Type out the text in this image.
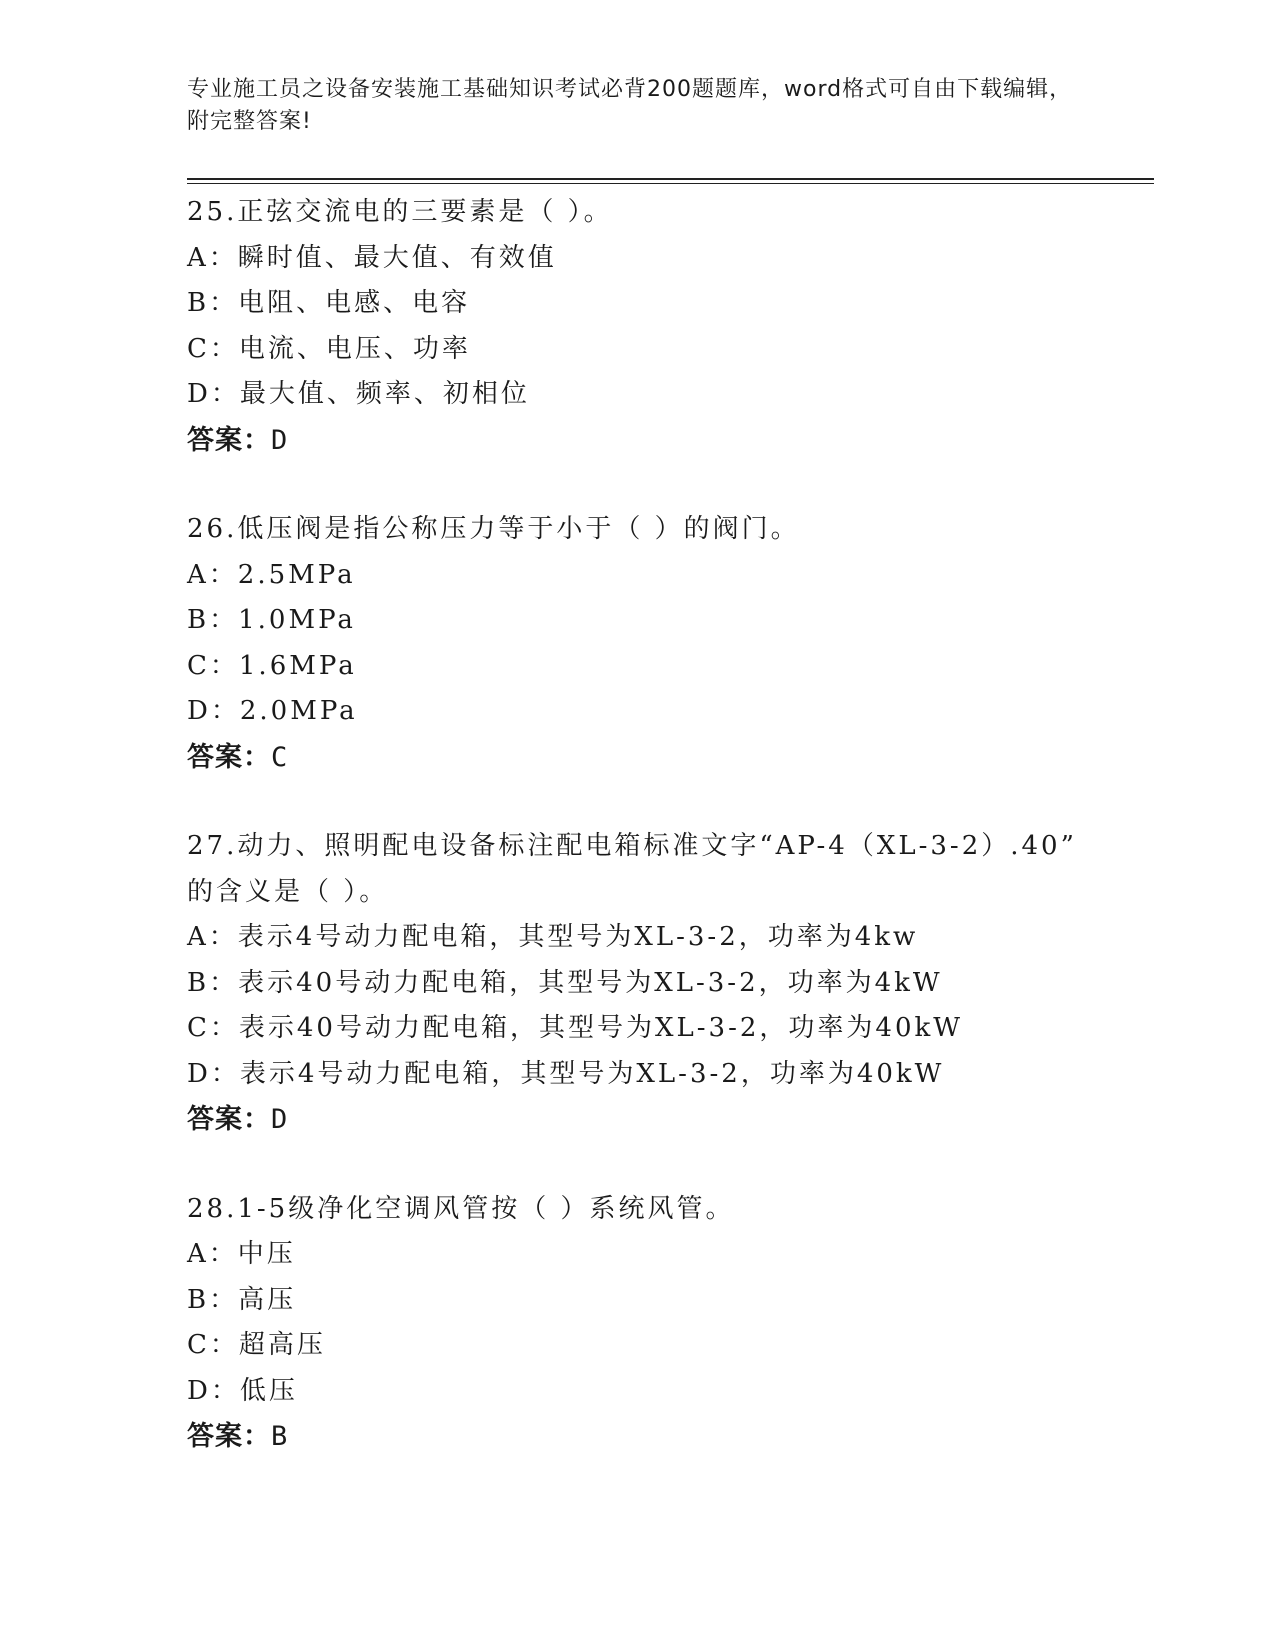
专业施工员之设备安装施工基础知识考试必背200题题库，word格式可自由下载编辑，附完整答案!
25.正弦交流电的三要素是（ ）。
A：瞬时值、最大值、有效值
B：电阻、电感、电容
C：电流、电压、功率
D：最大值、频率、初相位
答案：D
26.低压阀是指公称压力等于小于（ ）的阀门。
A：2.5MPa
B：1.0MPa
C：1.6MPa
D：2.0MPa
答案：C
27.动力、照明配电设备标注配电箱标准文字“AP-4（XL-3-2）.40”
的含义是（ ）。
A：表示4号动力配电箱，其型号为XL-3-2，功率为4kw
B：表示40号动力配电箱，其型号为XL-3-2，功率为4kW
C：表示40号动力配电箱，其型号为XL-3-2，功率为40kW
D：表示4号动力配电箱，其型号为XL-3-2，功率为40kW
答案：D
28.1-5级净化空调风管按（ ）系统风管。
A：中压
B：高压
C：超高压
D：低压
答案：B
